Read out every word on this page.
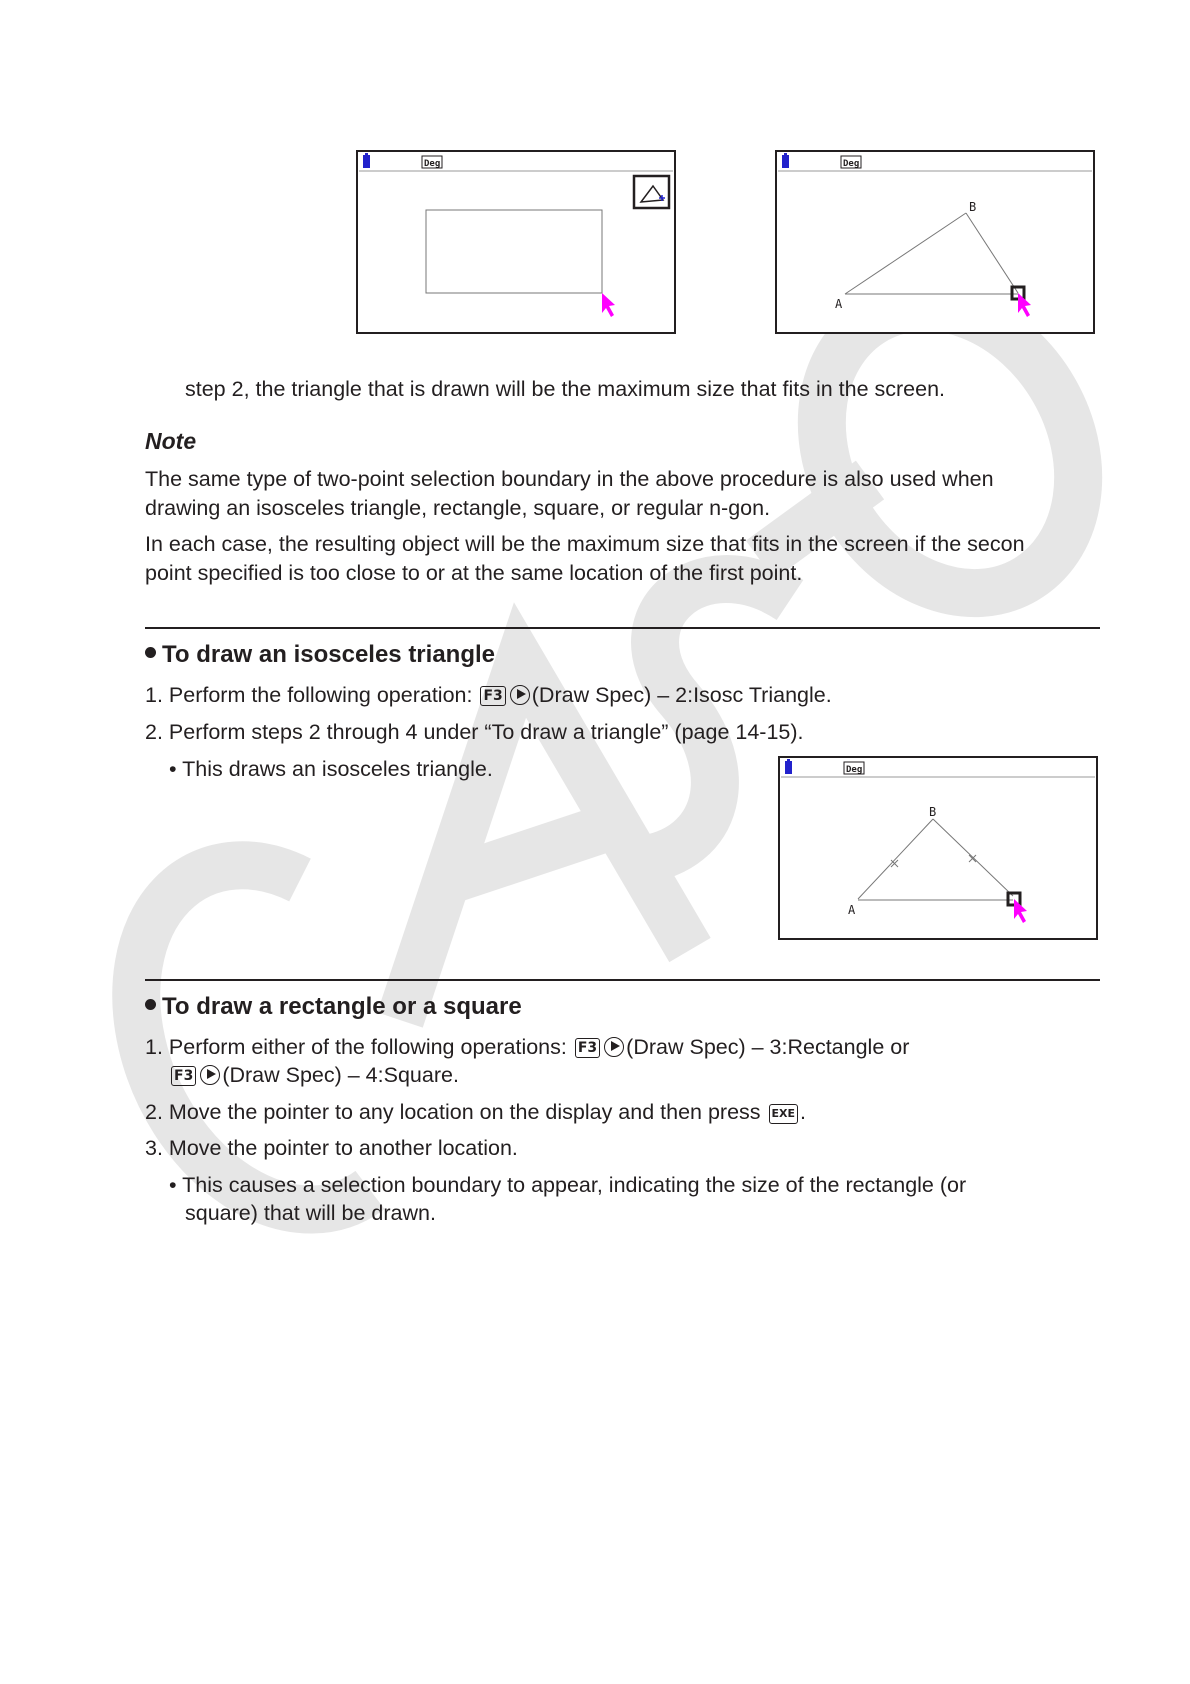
Deg	Deg
A
B
step 2, the triangle that is drawn will be the maximum size that fits in the screen.
Note
The same type of two-point selection boundary in the above procedure is also used when
drawing an isosceles triangle, rectangle, square, or regular n-gon.
In each case, the resulting object will be the maximum size that fits in the screen if the secon
point specified is too close to or at the same location of the first point.
To draw an isosceles triangle
1. Perform the following operation: F3 (Draw Spec) – 2:Isosc Triangle.
2. Perform steps 2 through 4 under “To draw a triangle” (page 14-15).
• This draws an isosceles triangle.	Deg
A
B
To draw a rectangle or a square
1. Perform either of the following operations: F3 (Draw Spec) – 3:Rectangle or
F3 (Draw Spec) – 4:Square.
2. Move the pointer to any location on the display and then press EXE .
3. Move the pointer to another location.
• This causes a selection boundary to appear, indicating the size of the rectangle (or
square) that will be drawn.
